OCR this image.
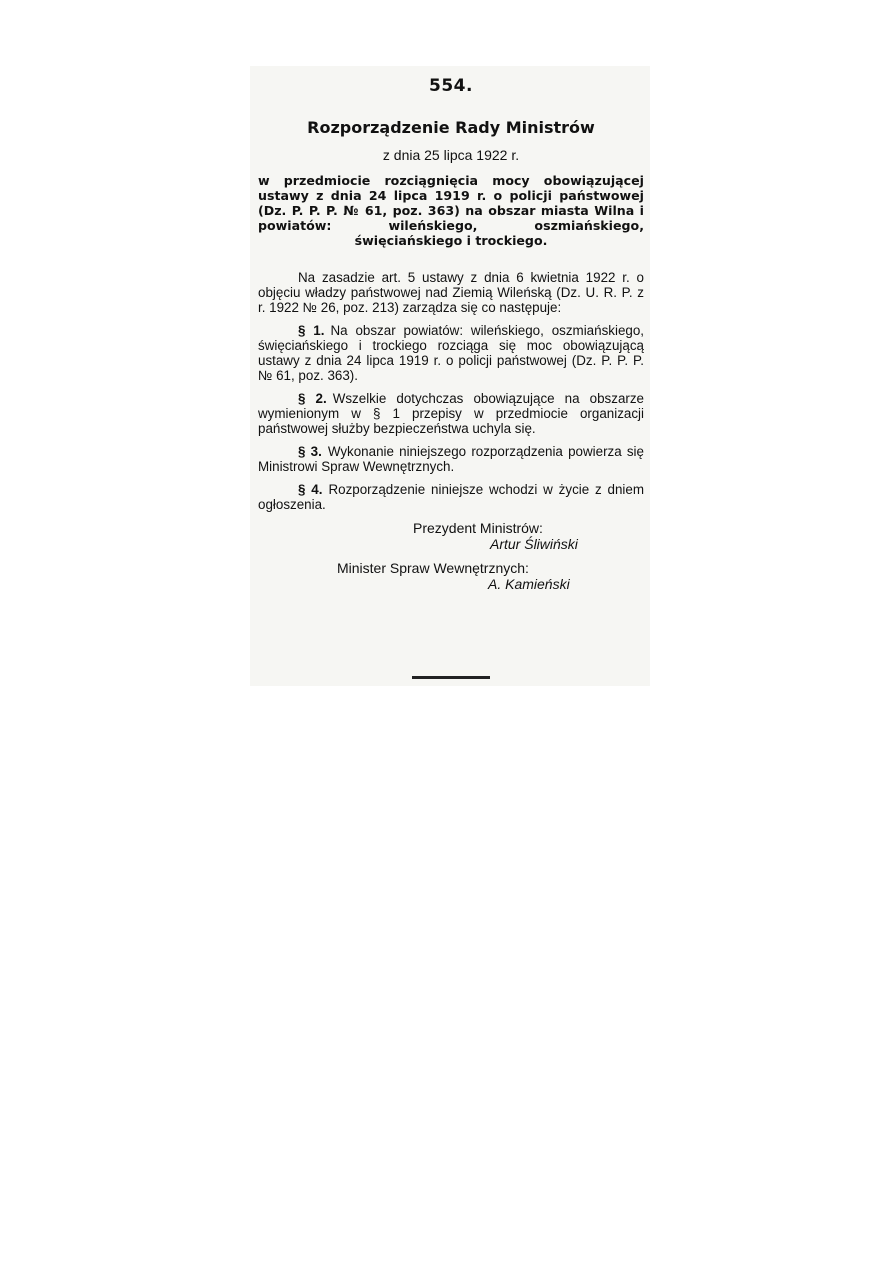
554.
Rozporządzenie Rady Ministrów
z dnia 25 lipca 1922 r.
w przedmiocie rozciągnięcia mocy obowiązującej ustawy z dnia 24 lipca 1919 r. o policji państwowej (Dz. P. P. P. № 61, poz. 363) na obszar miasta Wilna i powiatów: wileńskiego, oszmiańskiego, święciańskiego i trockiego.

Na zasadzie art. 5 ustawy z dnia 6 kwietnia 1922 r. o objęciu władzy państwowej nad Ziemią Wileńską (Dz. U. R. P. z r. 1922 № 26, poz. 213) zarządza się co następuje:

§ 1. Na obszar powiatów: wileńskiego, oszmiańskiego, święciańskiego i trockiego rozciąga się moc obowiązującą ustawy z dnia 24 lipca 1919 r. o policji państwowej (Dz. P. P. P. № 61, poz. 363).

§ 2. Wszelkie dotychczas obowiązujące na obszarze wymienionym w § 1 przepisy w przedmiocie organizacji państwowej służby bezpieczeństwa uchyla się.

§ 3. Wykonanie niniejszego rozporządzenia powierza się Ministrowi Spraw Wewnętrznych.

§ 4. Rozporządzenie niniejsze wchodzi w życie z dniem ogłoszenia.

Prezydent Ministrów:
Artur Śliwiński
Minister Spraw Wewnętrznych:
A. Kamieński
